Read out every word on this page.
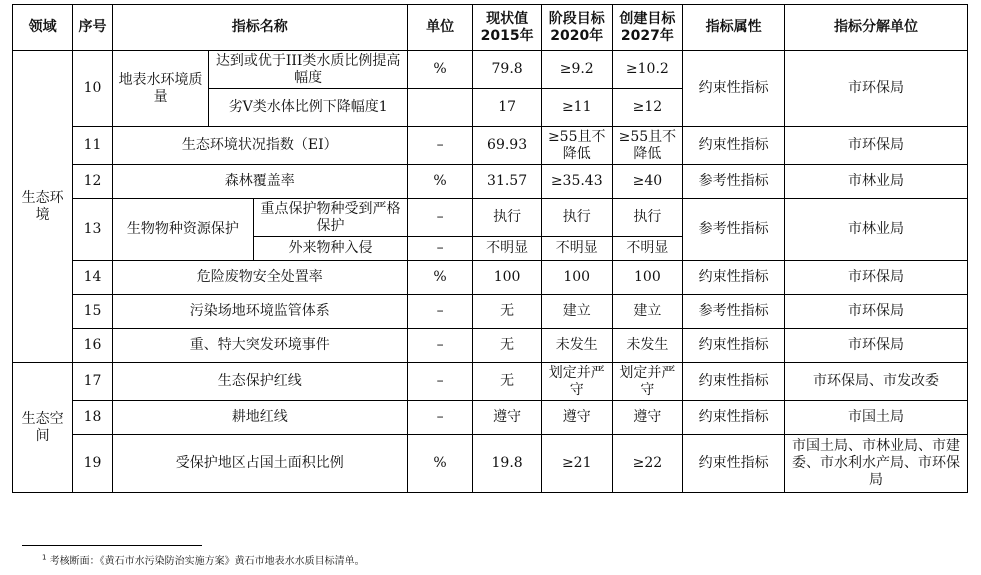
领域	序号	指标名称			单位	现状值2015年	阶段目标2020年	创建目标2027年	指标属性	指标分解单位
生态环境	10	地表水环境质量	达到或优于III类水质比例提高幅度		%	79.8	≥9.2	≥10.2	约束性指标	市环保局
			劣V类水体比例下降幅度1			17	≥11	≥12		
	11	生态环境状况指数（EI）			–	69.93	≥55且不降低	≥55且不降低	约束性指标	市环保局
	12	森林覆盖率			%	31.57	≥35.43	≥40	参考性指标	市林业局
	13	生物物种资源保护		重点保护物种受到严格保护	–	执行	执行	执行	参考性指标	市林业局
				外来物种入侵	–	不明显	不明显	不明显		
	14	危险废物安全处置率			%	100	100	100	约束性指标	市环保局
	15	污染场地环境监管体系			–	无	建立	建立	参考性指标	市环保局
	16	重、特大突发环境事件			–	无	未发生	未发生	约束性指标	市环保局
生态空间	17	生态保护红线			–	无	划定并严守	划定并严守	约束性指标	市环保局、市发改委
	18	耕地红线			–	遵守	遵守	遵守	约束性指标	市国土局
	19	受保护地区占国土面积比例			%	19.8	≥21	≥22	约束性指标	市国土局、市林业局、市建委、市水利水产局、市环保局
$^1$ 考核断面：《黄石市水污染防治实施方案》黄石市地表水水质目标清单。
